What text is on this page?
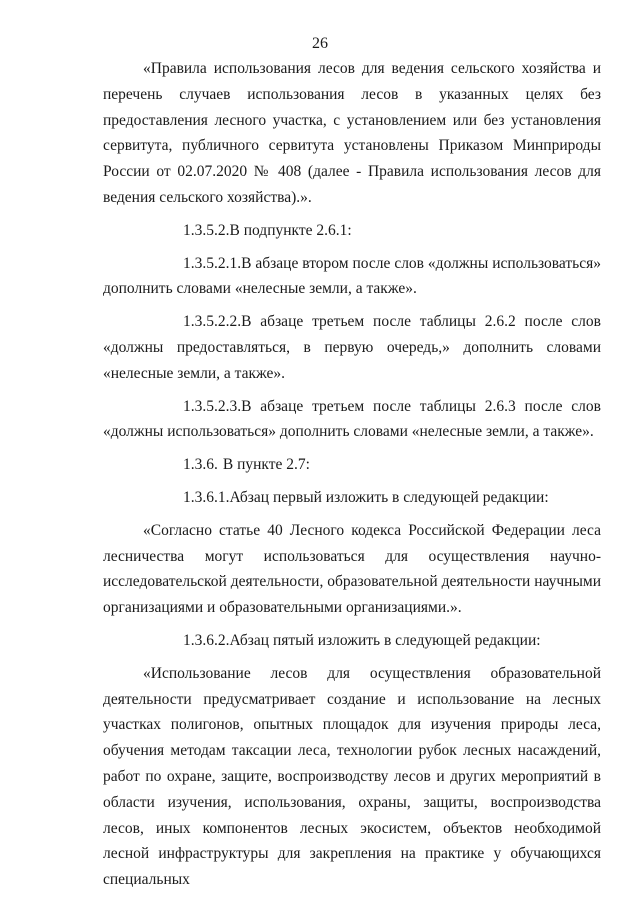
26

«Правила использования лесов для ведения сельского хозяйства и перечень случаев использования лесов в указанных целях без предоставления лесного участка, с установлением или без установления сервитута, публичного сервитута установлены Приказом Минприроды России от 02.07.2020 № 408 (далее - Правила использования лесов для ведения сельского хозяйства).».

1.3.5.2.В подпункте 2.6.1:

1.3.5.2.1.В абзаце втором после слов «должны использоваться» дополнить словами «нелесные земли, а также».

1.3.5.2.2.В абзаце третьем после таблицы 2.6.2 после слов «должны предоставляться, в первую очередь,» дополнить словами «нелесные земли, а также».

1.3.5.2.3.В абзаце третьем после таблицы 2.6.3 после слов «должны использоваться» дополнить словами «нелесные земли, а также».

1.3.6. В пункте 2.7:

1.3.6.1.Абзац первый изложить в следующей редакции:

«Согласно статье 40 Лесного кодекса Российской Федерации леса лесничества могут использоваться для осуществления научно-исследовательской деятельности, образовательной деятельности научными организациями и образовательными организациями.».

1.3.6.2.Абзац пятый изложить в следующей редакции:

«Использование лесов для осуществления образовательной деятельности предусматривает создание и использование на лесных участках полигонов, опытных площадок для изучения природы леса, обучения методам таксации леса, технологии рубок лесных насаждений, работ по охране, защите, воспроизводству лесов и других мероприятий в области изучения, использования, охраны, защиты, воспроизводства лесов, иных компонентов лесных экосистем, объектов необходимой лесной инфраструктуры для закрепления на практике у обучающихся специальных
